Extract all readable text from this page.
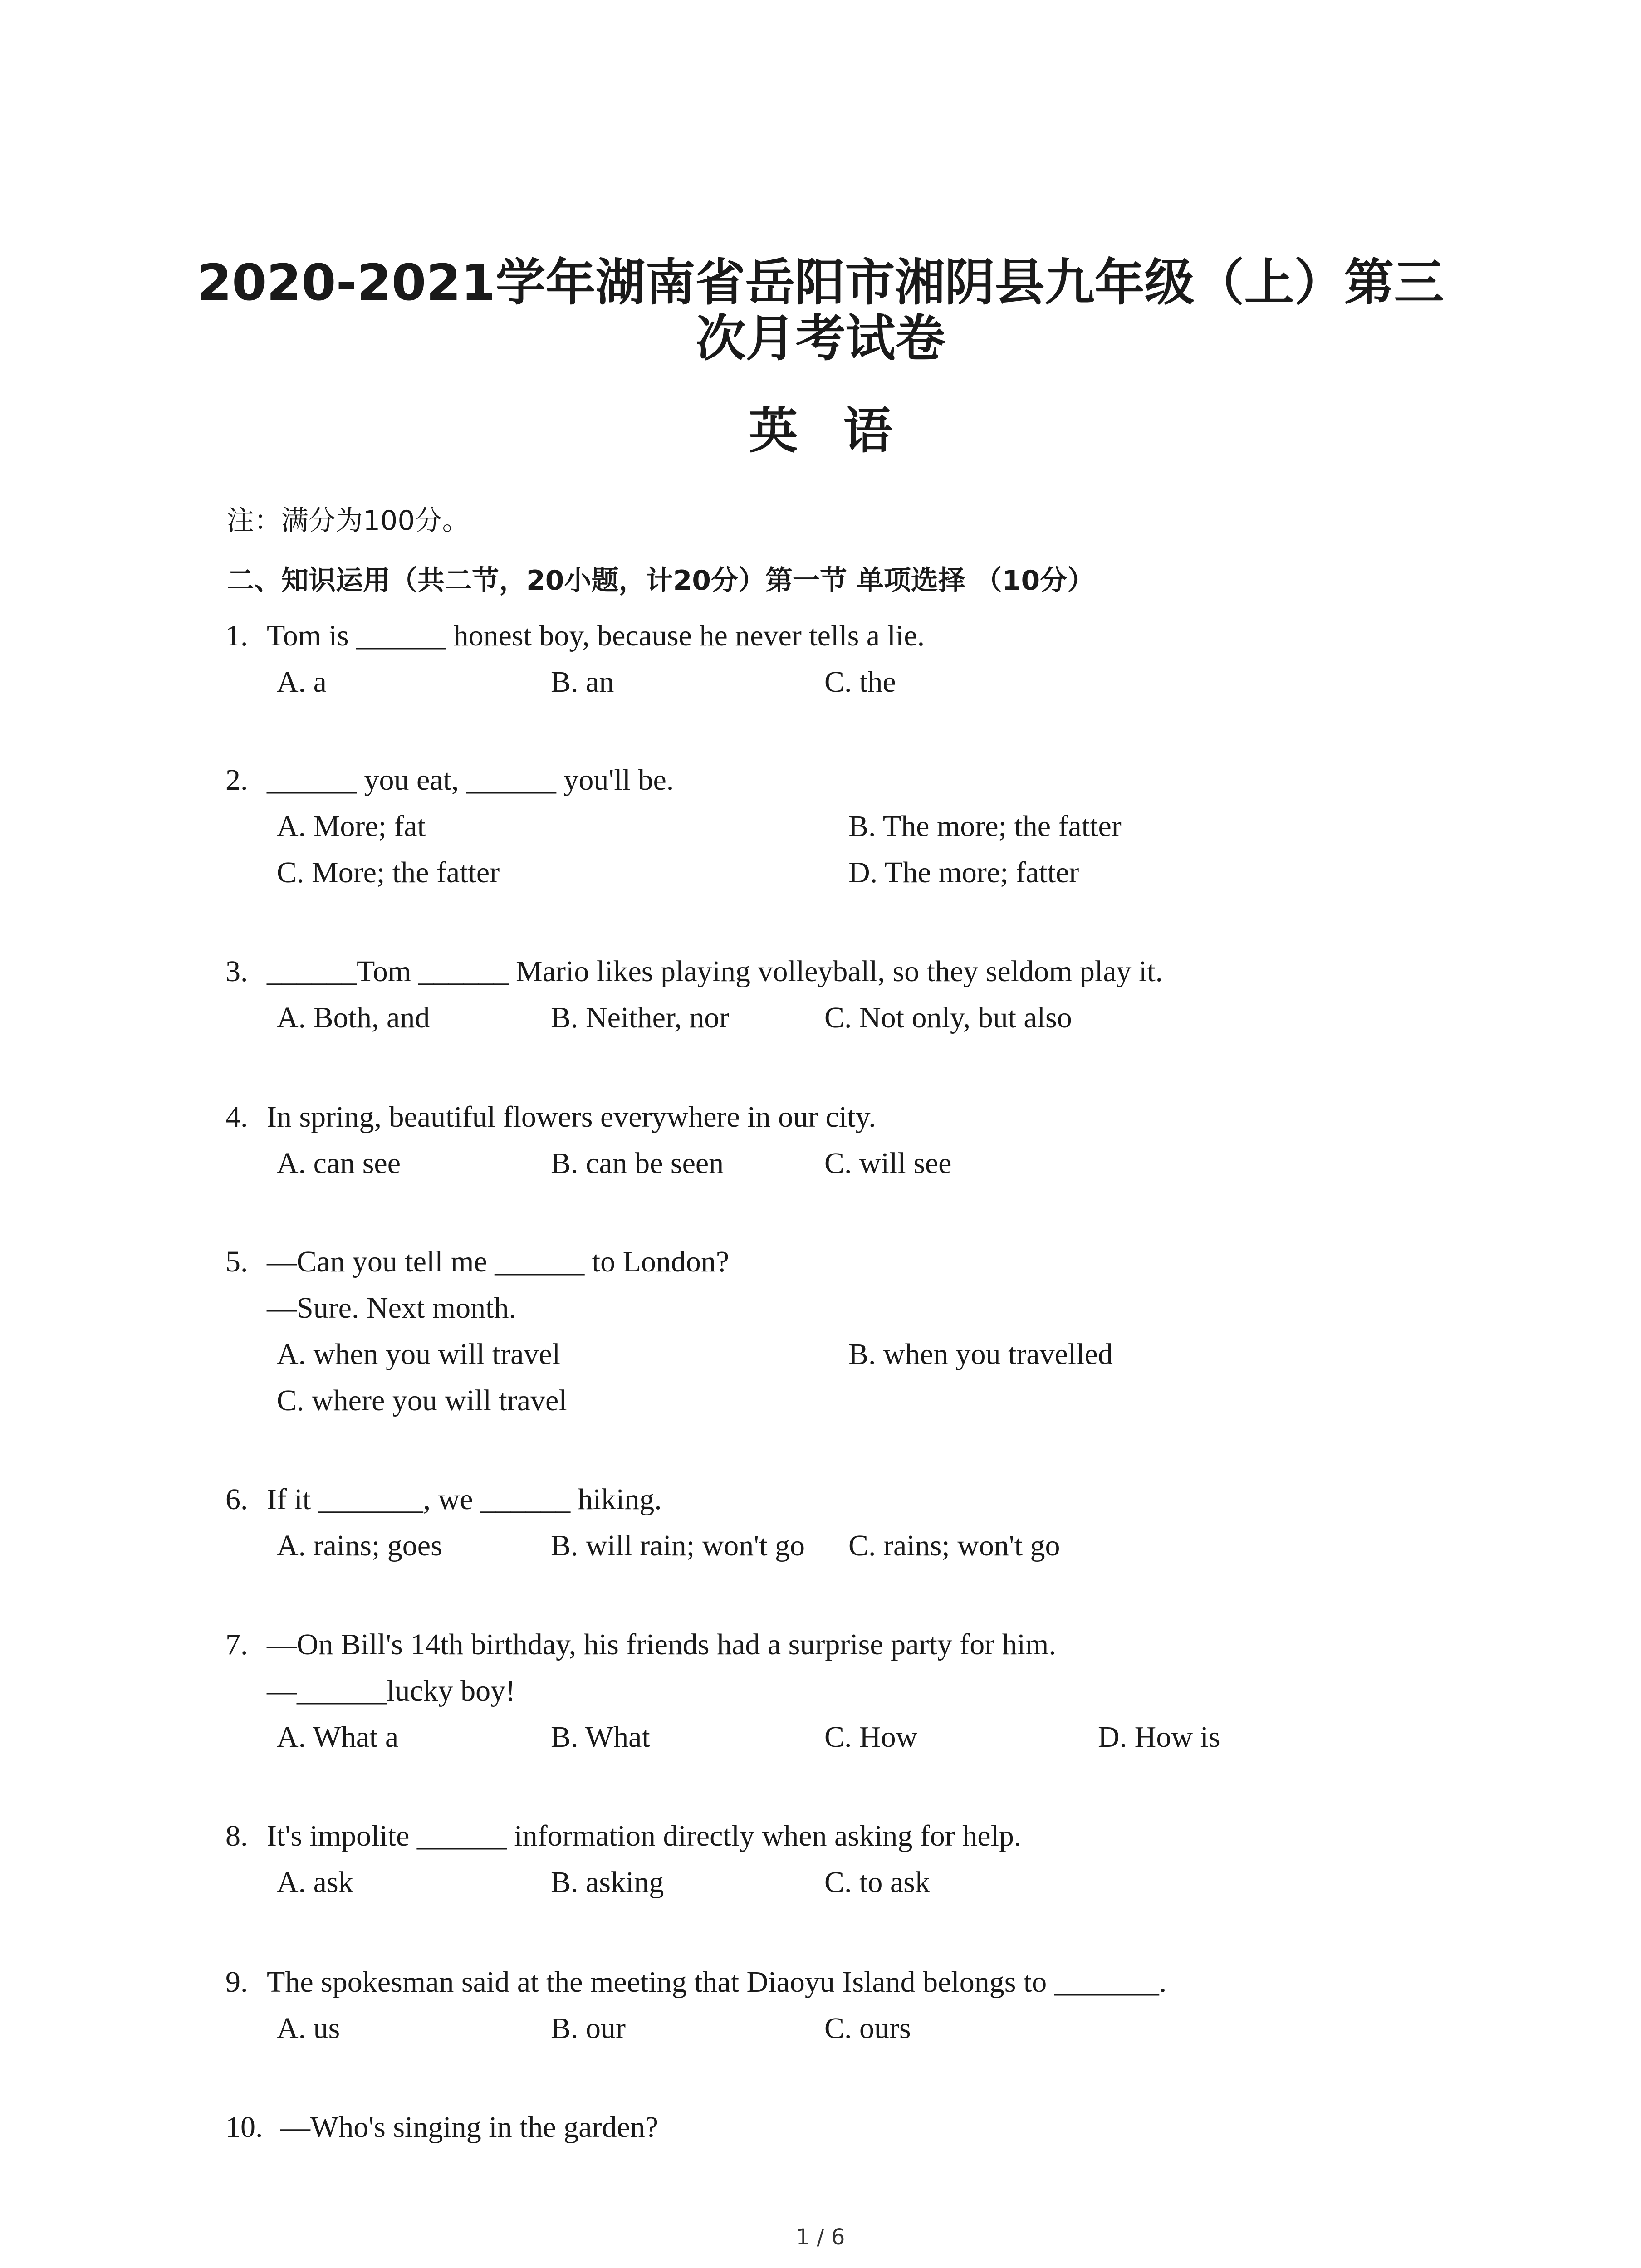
2020-2021学年湖南省岳阳市湘阴县九年级（上）第三
次月考试卷
英语
注：满分为100分。
二、知识运用（共二节，20小题，计20分）第一节 单项选择 （10分）
1. Tom is ______ honest boy, because he never tells a lie.
A. a	B. an	C. the
2. ______ you eat, ______ you'll be.
A. More; fat	B. The more; the fatter
C. More; the fatter	D. The more; fatter
3. ______Tom ______ Mario likes playing volleyball, so they seldom play it.
A. Both, and	B. Neither, nor	C. Not only, but also
4. In spring, beautiful flowers everywhere in our city.
A. can see	B. can be seen	C. will see
5. —Can you tell me ______ to London?
—Sure. Next month.
A. when you will travel	B. when you travelled
C. where you will travel
6. If it _______, we ______ hiking.
A. rains; goes	B. will rain; won't go C. rains; won't go
7. —On Bill's 14th birthday, his friends had a surprise party for him.
—______lucky boy!
A. What a	B. What	C. How	D. How is
8. It's impolite ______ information directly when asking for help.
A. ask	B. asking	C. to ask
9. The spokesman said at the meeting that Diaoyu Island belongs to _______.
A. us	B. our	C. ours
10. —Who's singing in the garden?
1 / 6
